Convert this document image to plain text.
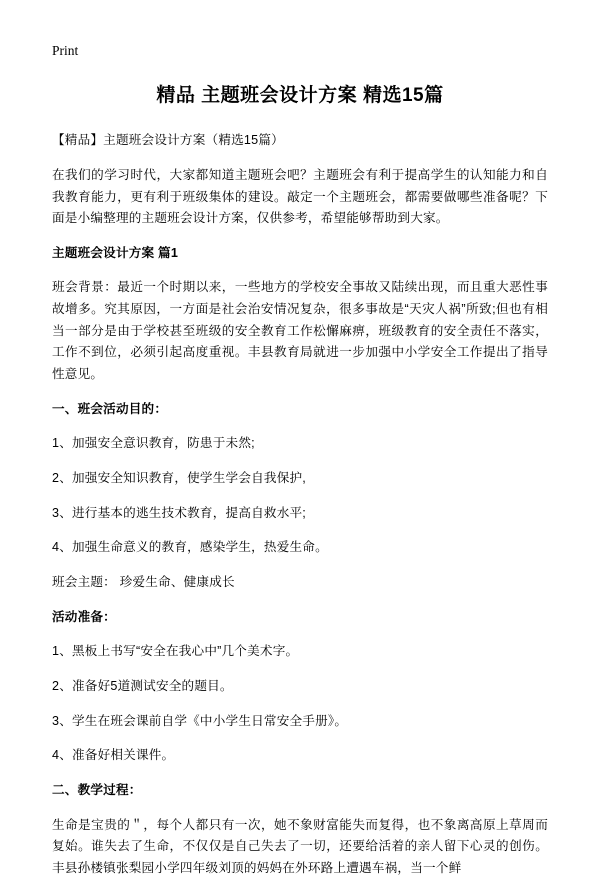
Print
精品 主题班会设计方案 精选15篇

【精品】主题班会设计方案（精选15篇）

在我们的学习时代，大家都知道主题班会吧？主题班会有利于提高学生的认知能力和自我教育能力，更有利于班级集体的建设。敲定一个主题班会，都需要做哪些准备呢？下面是小编整理的主题班会设计方案，仅供参考，希望能够帮助到大家。

主题班会设计方案 篇1

班会背景：最近一个时期以来，一些地方的学校安全事故又陆续出现，而且重大恶性事故增多。究其原因，一方面是社会治安情况复杂，很多事故是“天灾人祸”所致;但也有相当一部分是由于学校甚至班级的安全教育工作松懈麻痹，班级教育的安全责任不落实，工作不到位，必须引起高度重视。丰县教育局就进一步加强中小学安全工作提出了指导性意见。

一、班会活动目的：

1、加强安全意识教育，防患于未然;

2、加强安全知识教育，使学生学会自我保护,

3、进行基本的逃生技术教育，提高自救水平;

4、加强生命意义的教育，感染学生，热爱生命。

班会主题： 珍爱生命、健康成长

活动准备：

1、黑板上书写“安全在我心中”几个美术字。

2、准备好5道测试安全的题目。

3、学生在班会课前自学《中小学生日常安全手册》。

4、准备好相关课件。

二、教学过程：

生命是宝贵的＂，每个人都只有一次，她不象财富能失而复得，也不象离高原上草周而复始。谁失去了生命，不仅仅是自己失去了一切，还要给活着的亲人留下心灵的创伤。丰县孙楼镇张梨园小学四年级刘顶的妈妈在外环路上遭遇车祸，当一个鲜
